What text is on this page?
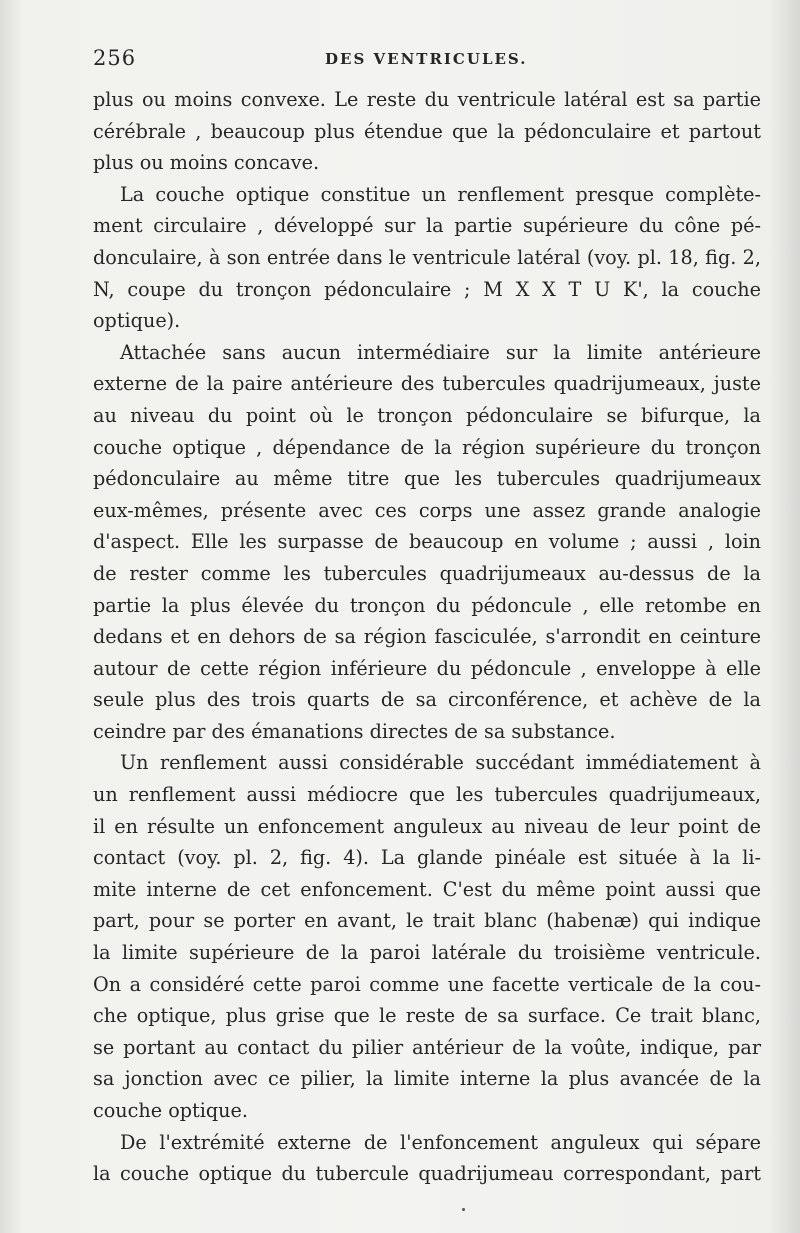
256	DES VENTRICULES.
plus ou moins convexe. Le reste du ventricule latéral est sa partie
cérébrale , beaucoup plus étendue que la pédonculaire et partout
plus ou moins concave.
La couche optique constitue un renflement presque complète-
ment circulaire , développé sur la partie supérieure du cône pé-
donculaire, à son entrée dans le ventricule latéral (voy. pl. 18, fig. 2,
N, coupe du tronçon pédonculaire ; M X X T U K', la couche
optique).
Attachée sans aucun intermédiaire sur la limite antérieure
externe de la paire antérieure des tubercules quadrijumeaux, juste
au niveau du point où le tronçon pédonculaire se bifurque, la
couche optique , dépendance de la région supérieure du tronçon
pédonculaire au même titre que les tubercules quadrijumeaux
eux-mêmes, présente avec ces corps une assez grande analogie
d'aspect. Elle les surpasse de beaucoup en volume ; aussi , loin
de rester comme les tubercules quadrijumeaux au-dessus de la
partie la plus élevée du tronçon du pédoncule , elle retombe en
dedans et en dehors de sa région fasciculée, s'arrondit en ceinture
autour de cette région inférieure du pédoncule , enveloppe à elle
seule plus des trois quarts de sa circonférence, et achève de la
ceindre par des émanations directes de sa substance.
Un renflement aussi considérable succédant immédiatement à
un renflement aussi médiocre que les tubercules quadrijumeaux,
il en résulte un enfoncement anguleux au niveau de leur point de
contact (voy. pl. 2, fig. 4). La glande pinéale est située à la li-
mite interne de cet enfoncement. C'est du même point aussi que
part, pour se porter en avant, le trait blanc (habenæ) qui indique
la limite supérieure de la paroi latérale du troisième ventricule.
On a considéré cette paroi comme une facette verticale de la cou-
che optique, plus grise que le reste de sa surface. Ce trait blanc,
se portant au contact du pilier antérieur de la voûte, indique, par
sa jonction avec ce pilier, la limite interne la plus avancée de la
couche optique.
De l'extrémité externe de l'enfoncement anguleux qui sépare
la couche optique du tubercule quadrijumeau correspondant, part
